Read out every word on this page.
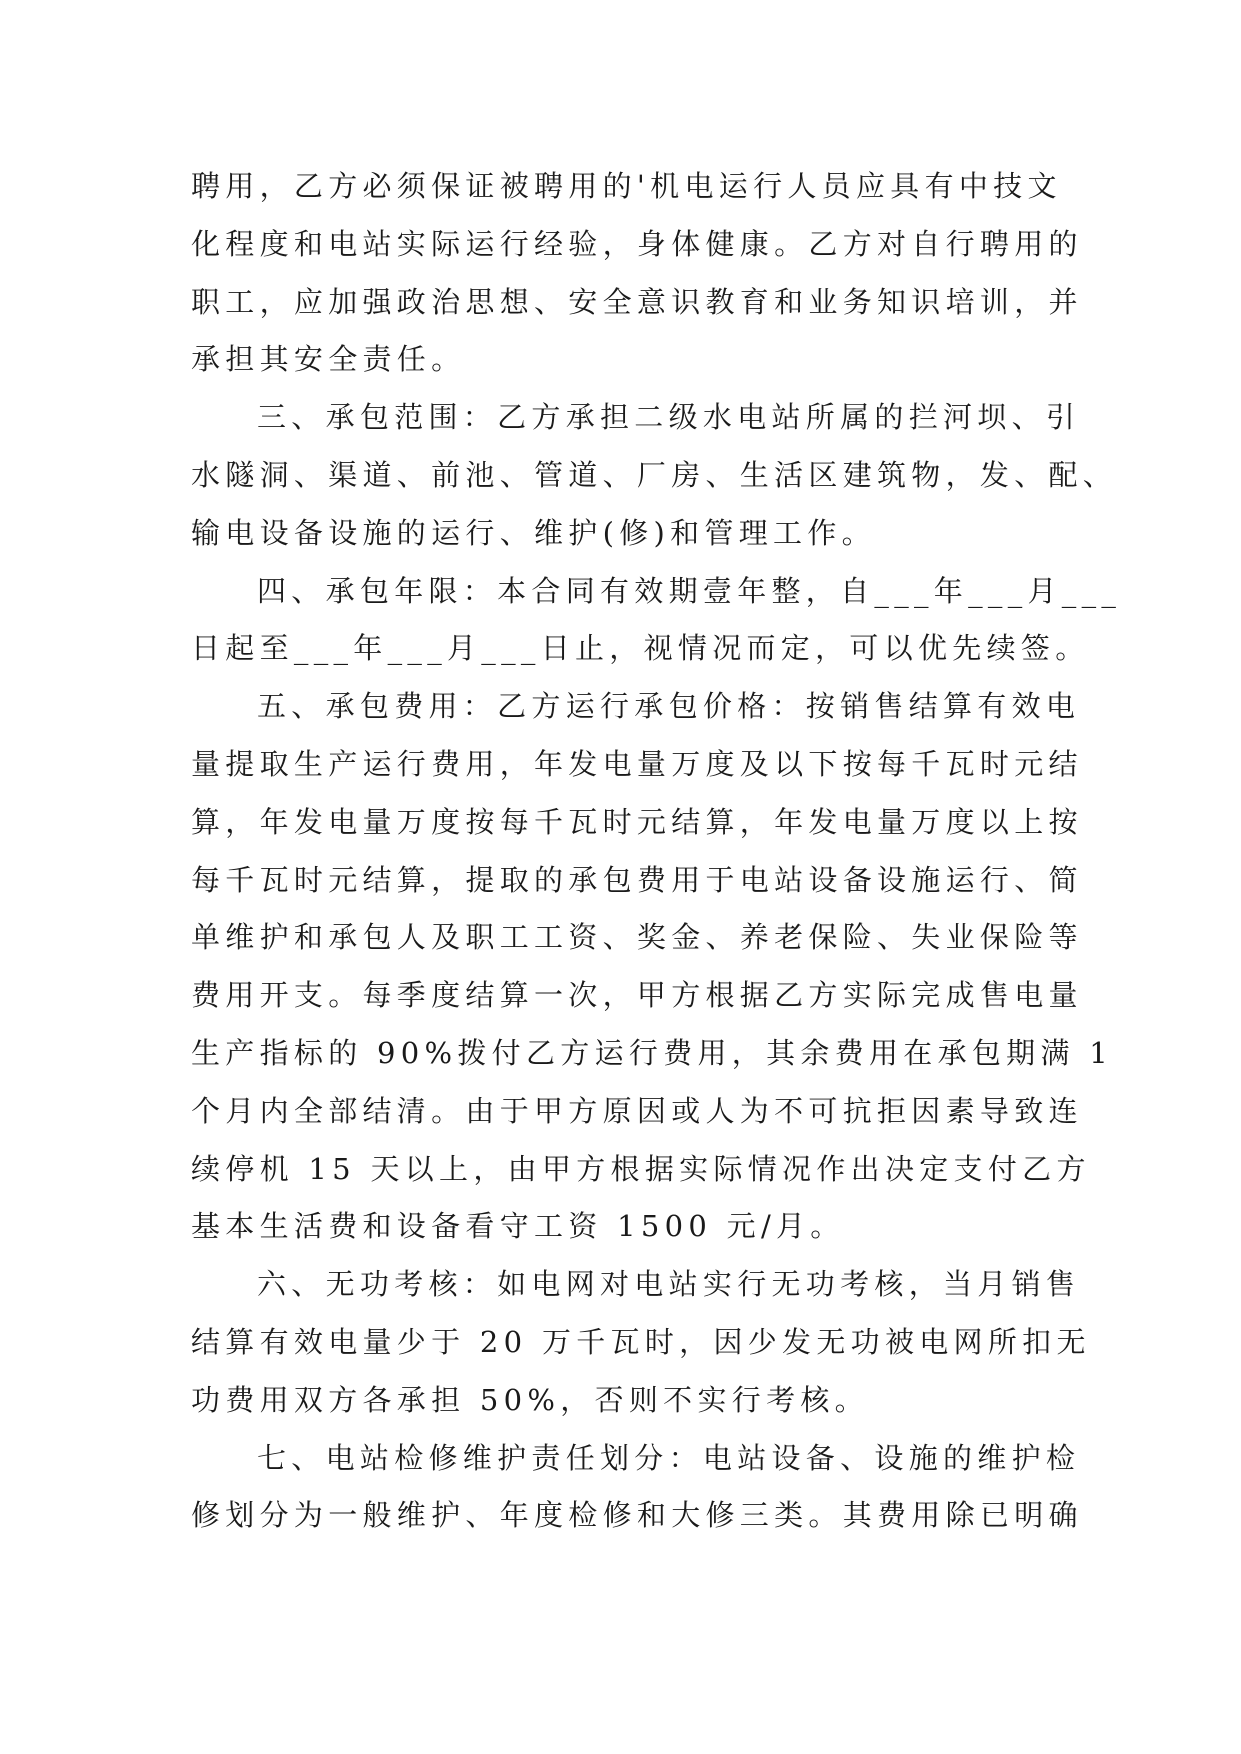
聘用，乙方必须保证被聘用的'机电运行人员应具有中技文
化程度和电站实际运行经验，身体健康。乙方对自行聘用的
职工，应加强政治思想、安全意识教育和业务知识培训，并
承担其安全责任。

三、承包范围：乙方承担二级水电站所属的拦河坝、引
水隧洞、渠道、前池、管道、厂房、生活区建筑物，发、配、
输电设备设施的运行、维护(修)和管理工作。

四、承包年限：本合同有效期壹年整，自___年___月___
日起至___年___月___日止，视情况而定，可以优先续签。

五、承包费用：乙方运行承包价格：按销售结算有效电
量提取生产运行费用，年发电量万度及以下按每千瓦时元结
算，年发电量万度按每千瓦时元结算，年发电量万度以上按
每千瓦时元结算，提取的承包费用于电站设备设施运行、简
单维护和承包人及职工工资、奖金、养老保险、失业保险等
费用开支。每季度结算一次，甲方根据乙方实际完成售电量
生产指标的 90%拨付乙方运行费用，其余费用在承包期满 1
个月内全部结清。由于甲方原因或人为不可抗拒因素导致连
续停机 15 天以上，由甲方根据实际情况作出决定支付乙方
基本生活费和设备看守工资 1500 元/月。

六、无功考核：如电网对电站实行无功考核，当月销售
结算有效电量少于 20 万千瓦时，因少发无功被电网所扣无
功费用双方各承担 50%，否则不实行考核。

七、电站检修维护责任划分：电站设备、设施的维护检
修划分为一般维护、年度检修和大修三类。其费用除已明确
